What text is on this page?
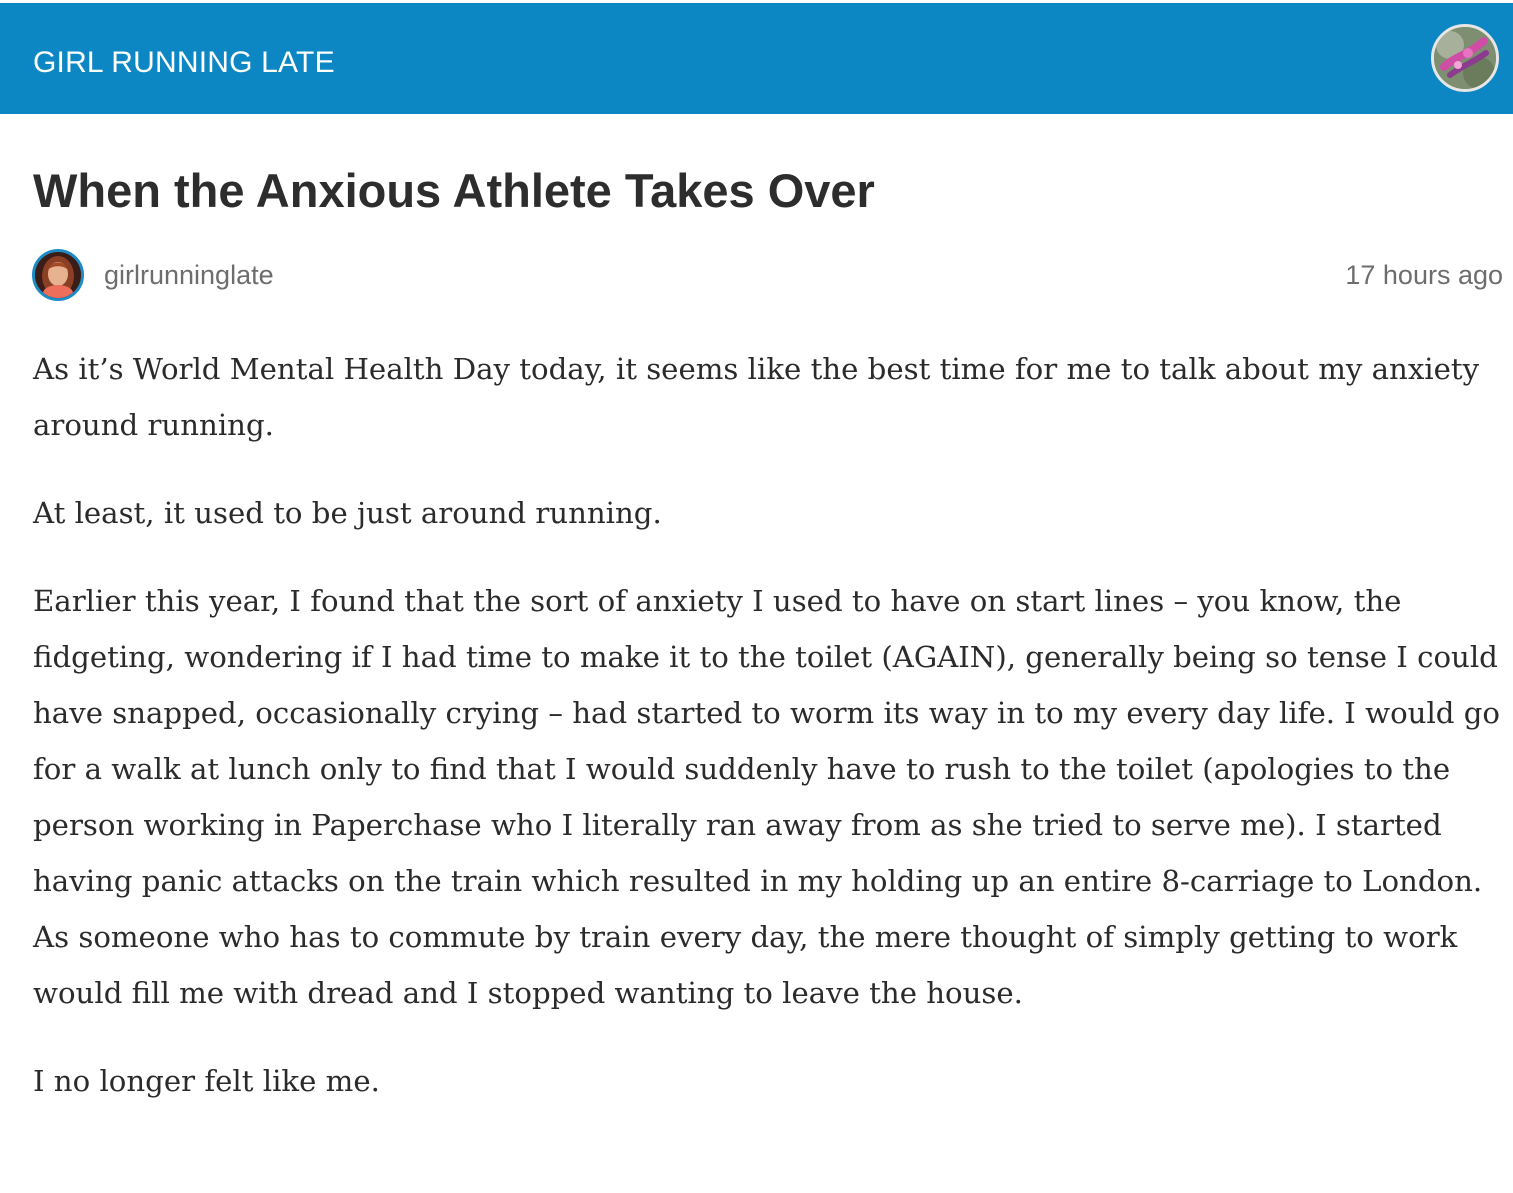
GIRL RUNNING LATE
When the Anxious Athlete Takes Over
girlrunninglate	17 hours ago

As it’s World Mental Health Day today, it seems like the best time for me to talk about my anxiety around running.

At least, it used to be just around running.

Earlier this year, I found that the sort of anxiety I used to have on start lines – you know, the fidgeting, wondering if I had time to make it to the toilet (AGAIN), generally being so tense I could have snapped, occasionally crying – had started to worm its way in to my every day life. I would go for a walk at lunch only to find that I would suddenly have to rush to the toilet (apologies to the person working in Paperchase who I literally ran away from as she tried to serve me). I started having panic attacks on the train which resulted in my holding up an entire 8-carriage to London. As someone who has to commute by train every day, the mere thought of simply getting to work would fill me with dread and I stopped wanting to leave the house.

I no longer felt like me.
